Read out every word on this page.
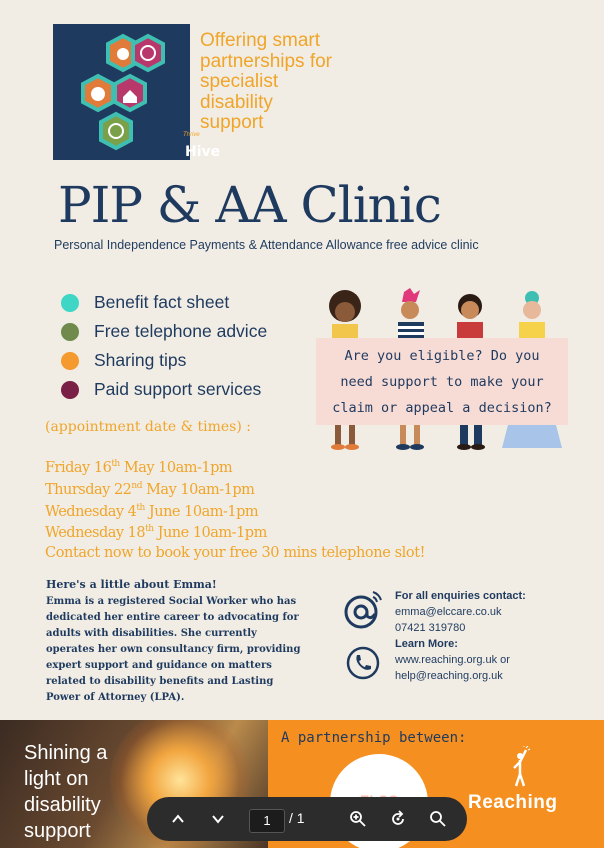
Thrive
Hive
Offering smart partnerships for specialist disability support
PIP & AA Clinic
Personal Independence Payments & Attendance Allowance free advice clinic
Benefit fact sheet
Free telephone advice
Sharing tips
Paid support services
Are you eligible? Do you
need support to make your
claim or appeal a decision?
(appointment date & times) :
Friday 16th May 10am-1pm
Thursday 22nd May 10am-1pm
Wednesday 4th June 10am-1pm
Wednesday 18th June 10am-1pm
Contact now to book your free 30 mins telephone slot!
Here's a little about Emma!
Emma is a registered Social Worker who has dedicated her entire career to advocating for adults with disabilities. She currently operates her own consultancy firm, providing expert support and guidance on matters related to disability benefits and Lasting Power of Attorney (LPA).
For all enquiries contact:
emma@elccare.co.uk
07421 319780
Learn More:
www.reaching.org.uk or
help@reaching.org.uk
Shining a
light on
disability
support
A partnership between:
Reaching
1	/ 1
